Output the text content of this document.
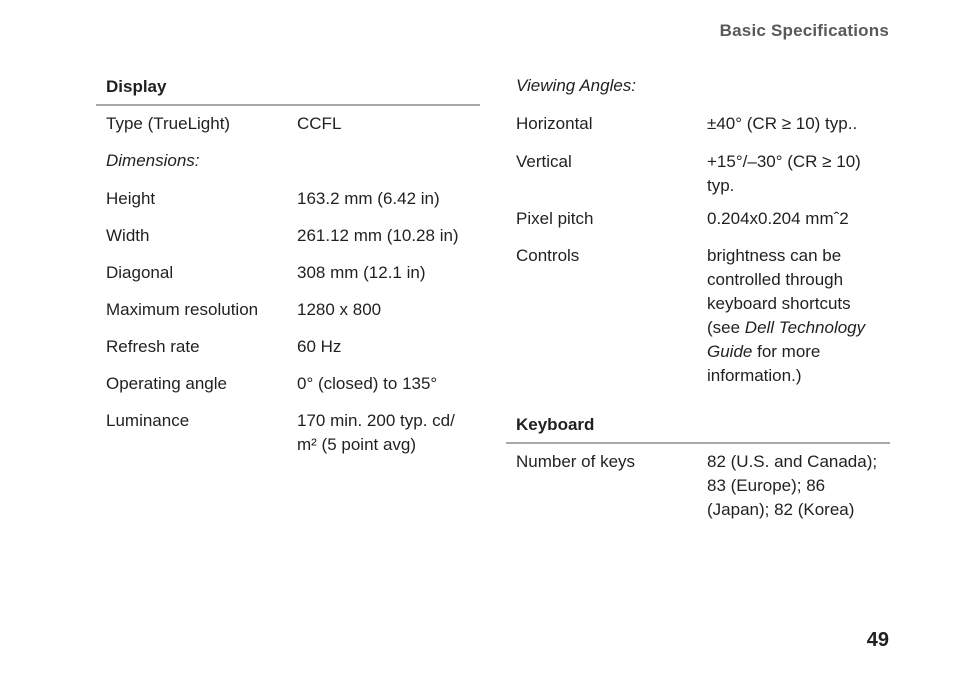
Basic Specifications
Display
Type (TrueLight)	CCFL
Dimensions:
Height	163.2 mm (6.42 in)
Width	261.12 mm (10.28 in)
Diagonal	308 mm (12.1 in)
Maximum resolution	1280 x 800
Refresh rate	60 Hz
Operating angle	0° (closed) to 135°
Luminance	170 min. 200 typ. cd/
m² (5 point avg)
Viewing Angles:
Horizontal	±40° (CR ≥ 10) typ..
Vertical	+15°/–30° (CR ≥ 10)
typ.
Pixel pitch	0.204x0.204 mmˆ2
Controls	brightness can be
controlled through
keyboard shortcuts
(see Dell Technology
Guide for more
information.)
Keyboard
Number of keys	82 (U.S. and Canada);
83 (Europe); 86
(Japan); 82 (Korea)
49
